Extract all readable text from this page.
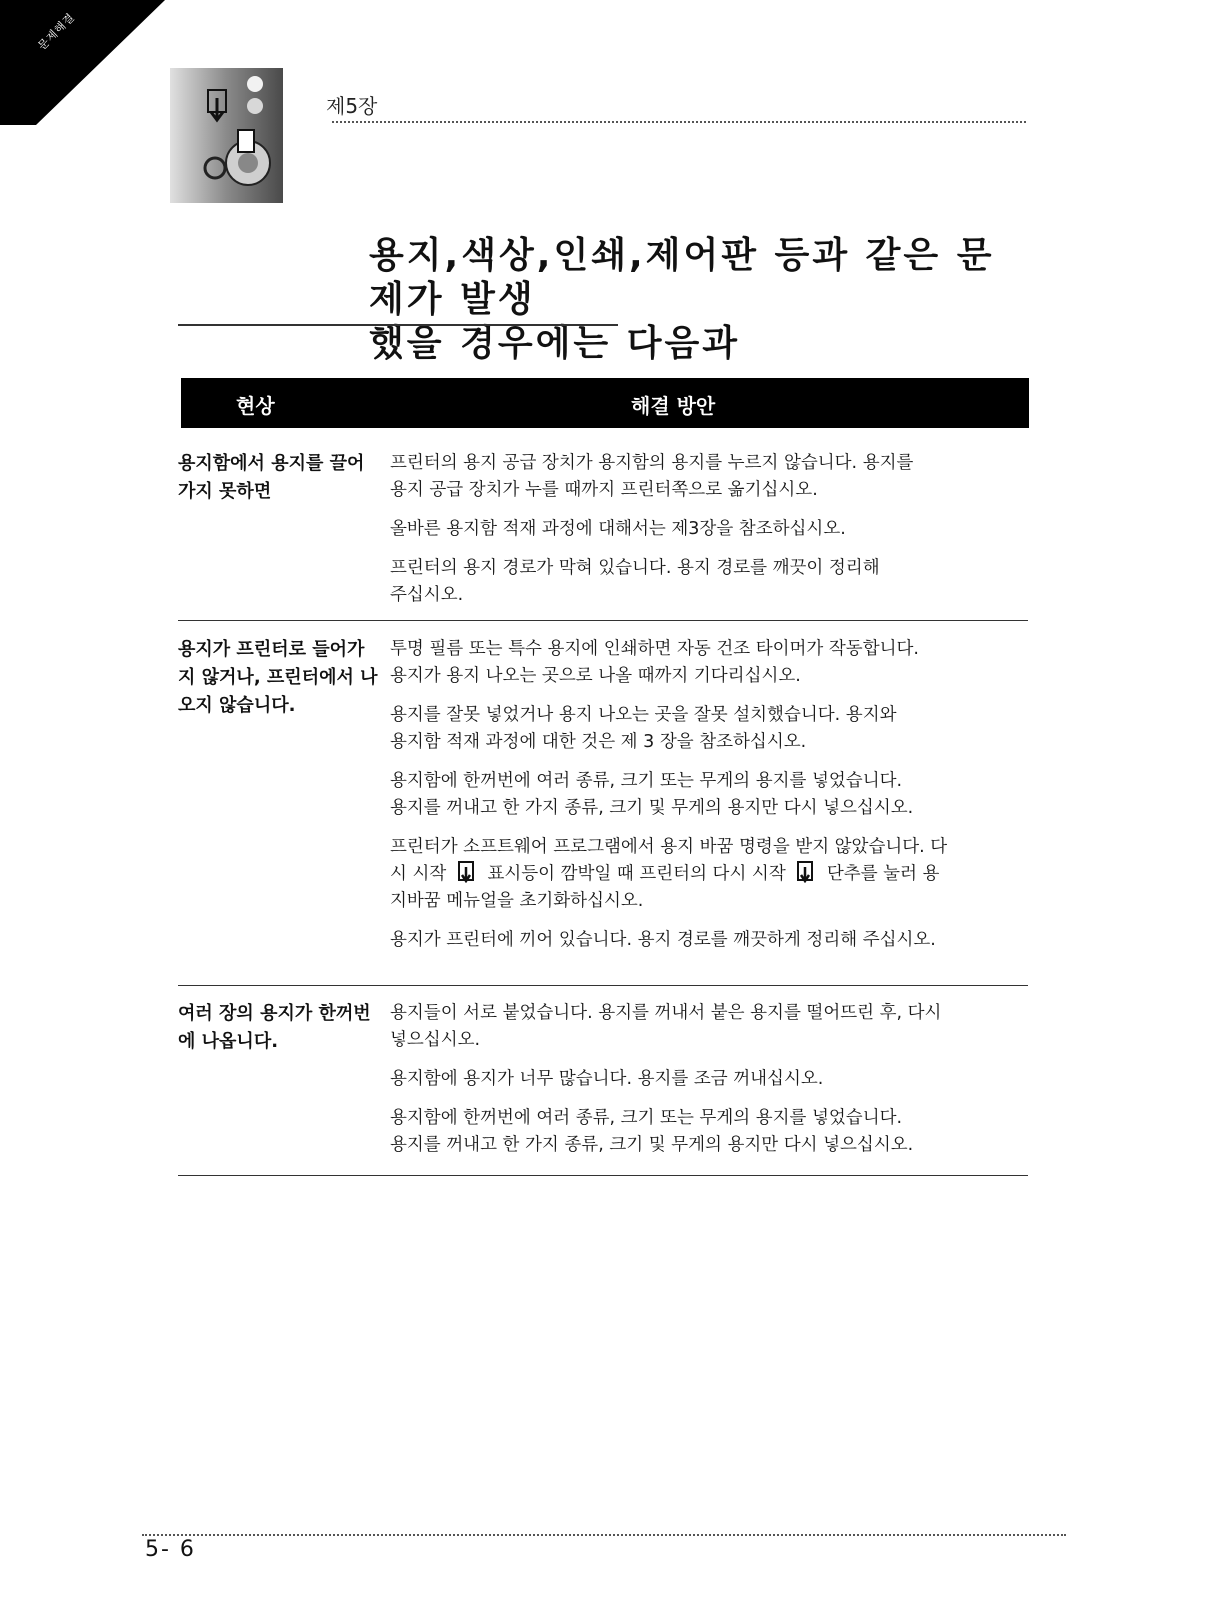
문제해결
제5장
용지,색상,인쇄,제어판 등과 같은 문제가 발생
했을 경우에는 다음과
현상	해결 방안
용지함에서 용지를 끌어가지 못하면
프린터의 용지 공급 장치가 용지함의 용지를 누르지 않습니다. 용지를
용지 공급 장치가 누를 때까지 프린터쪽으로 옮기십시오.
올바른 용지함 적재 과정에 대해서는 제3장을 참조하십시오.
프린터의 용지 경로가 막혀 있습니다. 용지 경로를 깨끗이 정리해
주십시오.
용지가 프린터로 들어가지 않거나, 프린터에서 나오지 않습니다.
투명 필름 또는 특수 용지에 인쇄하면 자동 건조 타이머가 작동합니다.
용지가 용지 나오는 곳으로 나올 때까지 기다리십시오.
용지를 잘못 넣었거나 용지 나오는 곳을 잘못 설치했습니다. 용지와
용지함 적재 과정에 대한 것은 제 3 장을 참조하십시오.
용지함에 한꺼번에 여러 종류, 크기 또는 무게의 용지를 넣었습니다.
용지를 꺼내고 한 가지 종류, 크기 및 무게의 용지만 다시 넣으십시오.
프린터가 소프트웨어 프로그램에서 용지 바꿈 명령을 받지 않았습니다. 다
시 시작 표시등이 깜박일 때 프린터의 다시 시작 단추를 눌러 용
지바꿈 메뉴얼을 초기화하십시오.
용지가 프린터에 끼어 있습니다. 용지 경로를 깨끗하게 정리해 주십시오.
여러 장의 용지가 한꺼번에 나옵니다.
용지들이 서로 붙었습니다. 용지를 꺼내서 붙은 용지를 떨어뜨린 후, 다시
넣으십시오.
용지함에 용지가 너무 많습니다. 용지를 조금 꺼내십시오.
용지함에 한꺼번에 여러 종류, 크기 또는 무게의 용지를 넣었습니다.
용지를 꺼내고 한 가지 종류, 크기 및 무게의 용지만 다시 넣으십시오.
5- 6
